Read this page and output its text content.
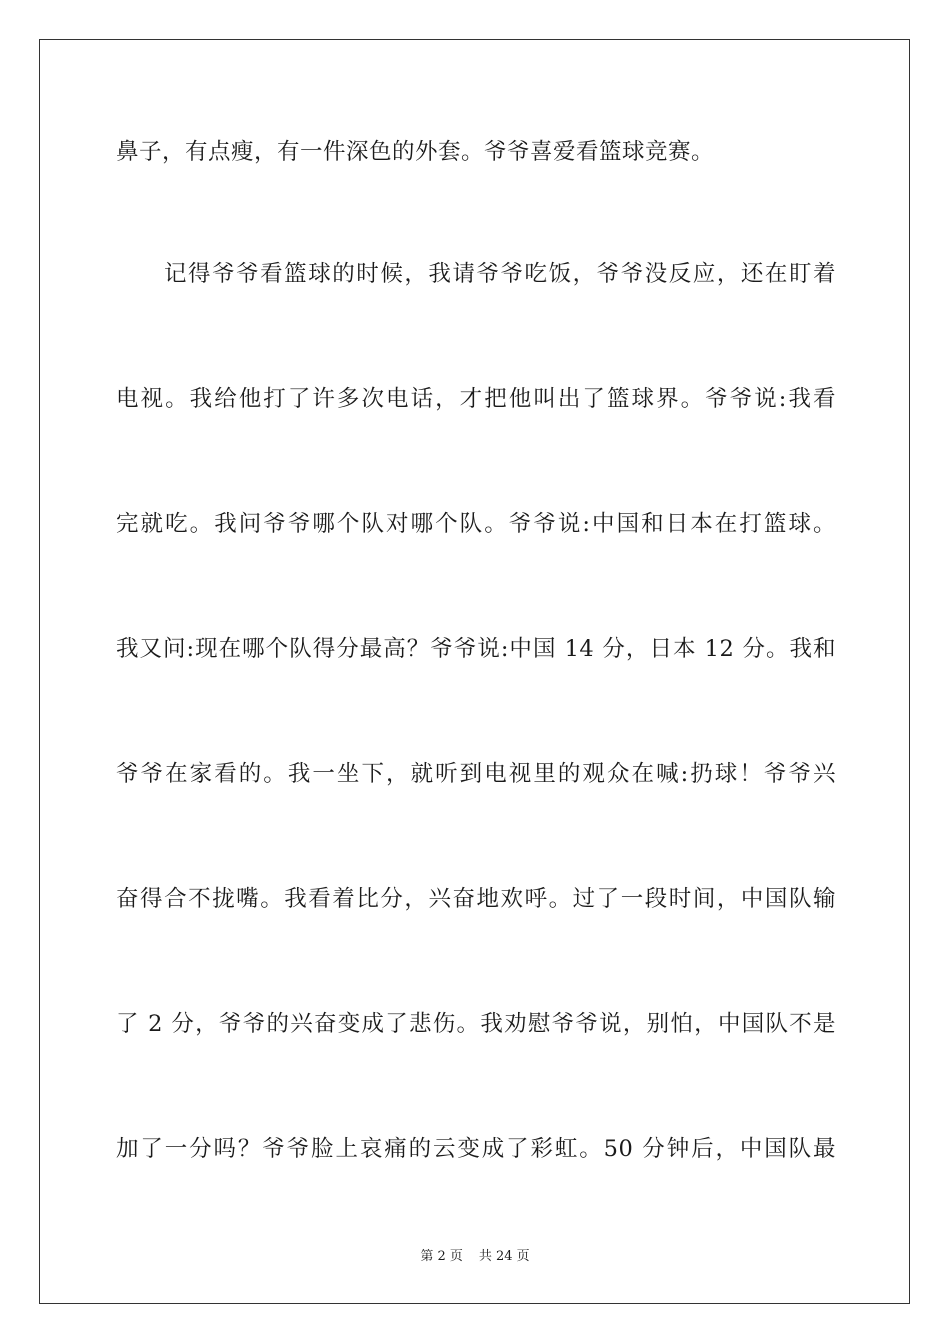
鼻子，有点瘦，有一件深色的外套。爷爷喜爱看篮球竞赛。
记得爷爷看篮球的时候，我请爷爷吃饭，爷爷没反应，还在盯着
电视。我给他打了许多次电话，才把他叫出了篮球界。爷爷说:我看
完就吃。我问爷爷哪个队对哪个队。爷爷说:中国和日本在打篮球。
我又问:现在哪个队得分最高？爷爷说:中国 14 分，日本 12 分。我和
爷爷在家看的。我一坐下，就听到电视里的观众在喊:扔球！爷爷兴
奋得合不拢嘴。我看着比分，兴奋地欢呼。过了一段时间，中国队输
了 2 分，爷爷的兴奋变成了悲伤。我劝慰爷爷说，别怕，中国队不是
加了一分吗？爷爷脸上哀痛的云变成了彩虹。50 分钟后，中国队最
第 2 页 共 24 页
